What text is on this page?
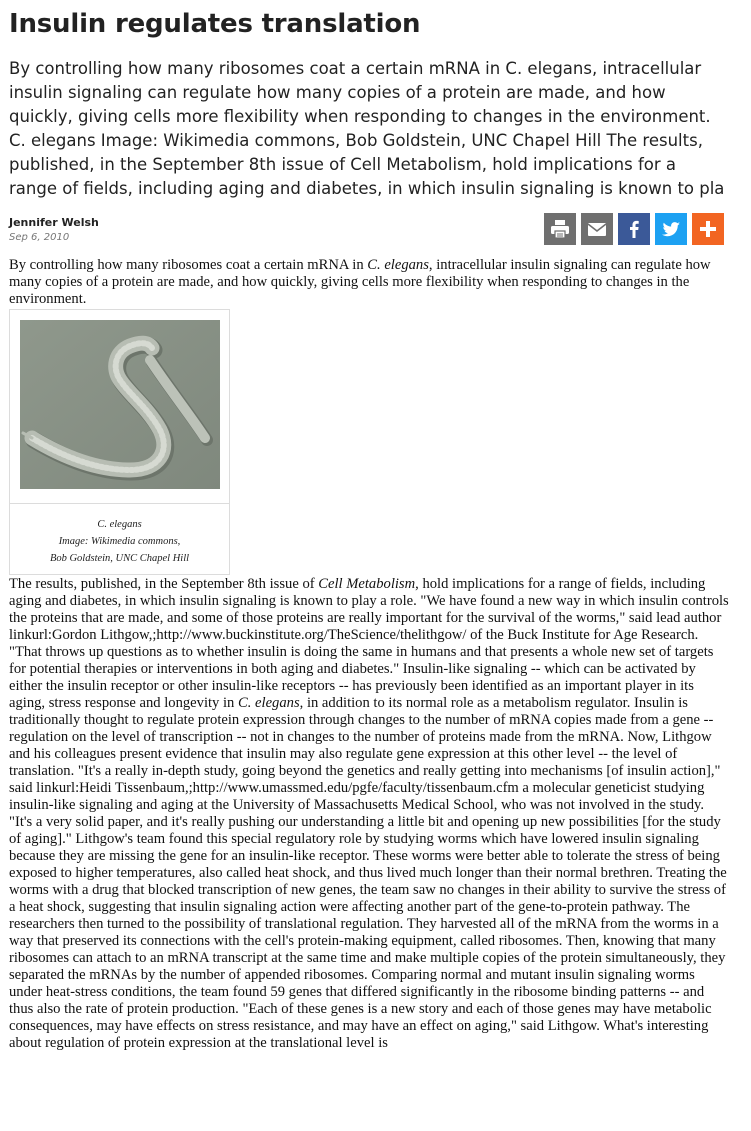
Insulin regulates translation

By controlling how many ribosomes coat a certain mRNA in C. elegans, intracellular insulin signaling can regulate how many copies of a protein are made, and how quickly, giving cells more flexibility when responding to changes in the environment. C. elegans Image: Wikimedia commons, Bob Goldstein, UNC Chapel Hill The results, published, in the September 8th issue of Cell Metabolism, hold implications for a range of fields, including aging and diabetes, in which insulin signaling is known to pla

Jennifer Welsh
Sep 6, 2010

By controlling how many ribosomes coat a certain mRNA in C. elegans, intracellular insulin signaling can regulate how many copies of a protein are made, and how quickly, giving cells more flexibility when responding to changes in the environment.

C. elegans
Image: Wikimedia commons,
Bob Goldstein, UNC Chapel Hill

The results, published, in the September 8th issue of Cell Metabolism, hold implications for a range of fields, including aging and diabetes, in which insulin signaling is known to play a role. "We have found a new way in which insulin controls the proteins that are made, and some of those proteins are really important for the survival of the worms," said lead author linkurl:Gordon Lithgow,;http://www.buckinstitute.org/TheScience/thelithgow/ of the Buck Institute for Age Research. "That throws up questions as to whether insulin is doing the same in humans and that presents a whole new set of targets for potential therapies or interventions in both aging and diabetes." Insulin-like signaling -- which can be activated by either the insulin receptor or other insulin-like receptors -- has previously been identified as an important player in its aging, stress response and longevity in C. elegans, in addition to its normal role as a metabolism regulator. Insulin is traditionally thought to regulate protein expression through changes to the number of mRNA copies made from a gene -- regulation on the level of transcription -- not in changes to the number of proteins made from the mRNA. Now, Lithgow and his colleagues present evidence that insulin may also regulate gene expression at this other level -- the level of translation. "It's a really in-depth study, going beyond the genetics and really getting into mechanisms [of insulin action]," said linkurl:Heidi Tissenbaum,;http://www.umassmed.edu/pgfe/faculty/tissenbaum.cfm a molecular geneticist studying insulin-like signaling and aging at the University of Massachusetts Medical School, who was not involved in the study. "It's a very solid paper, and it's really pushing our understanding a little bit and opening up new possibilities [for the study of aging]." Lithgow's team found this special regulatory role by studying worms which have lowered insulin signaling because they are missing the gene for an insulin-like receptor. These worms were better able to tolerate the stress of being exposed to higher temperatures, also called heat shock, and thus lived much longer than their normal brethren. Treating the worms with a drug that blocked transcription of new genes, the team saw no changes in their ability to survive the stress of a heat shock, suggesting that insulin signaling action were affecting another part of the gene-to-protein pathway. The researchers then turned to the possibility of translational regulation. They harvested all of the mRNA from the worms in a way that preserved its connections with the cell's protein-making equipment, called ribosomes. Then, knowing that many ribosomes can attach to an mRNA transcript at the same time and make multiple copies of the protein simultaneously, they separated the mRNAs by the number of appended ribosomes. Comparing normal and mutant insulin signaling worms under heat-stress conditions, the team found 59 genes that differed significantly in the ribosome binding patterns -- and thus also the rate of protein production. "Each of these genes is a new story and each of those genes may have metabolic consequences, may have effects on stress resistance, and may have an effect on aging," said Lithgow. What's interesting about regulation of protein expression at the translational level is
